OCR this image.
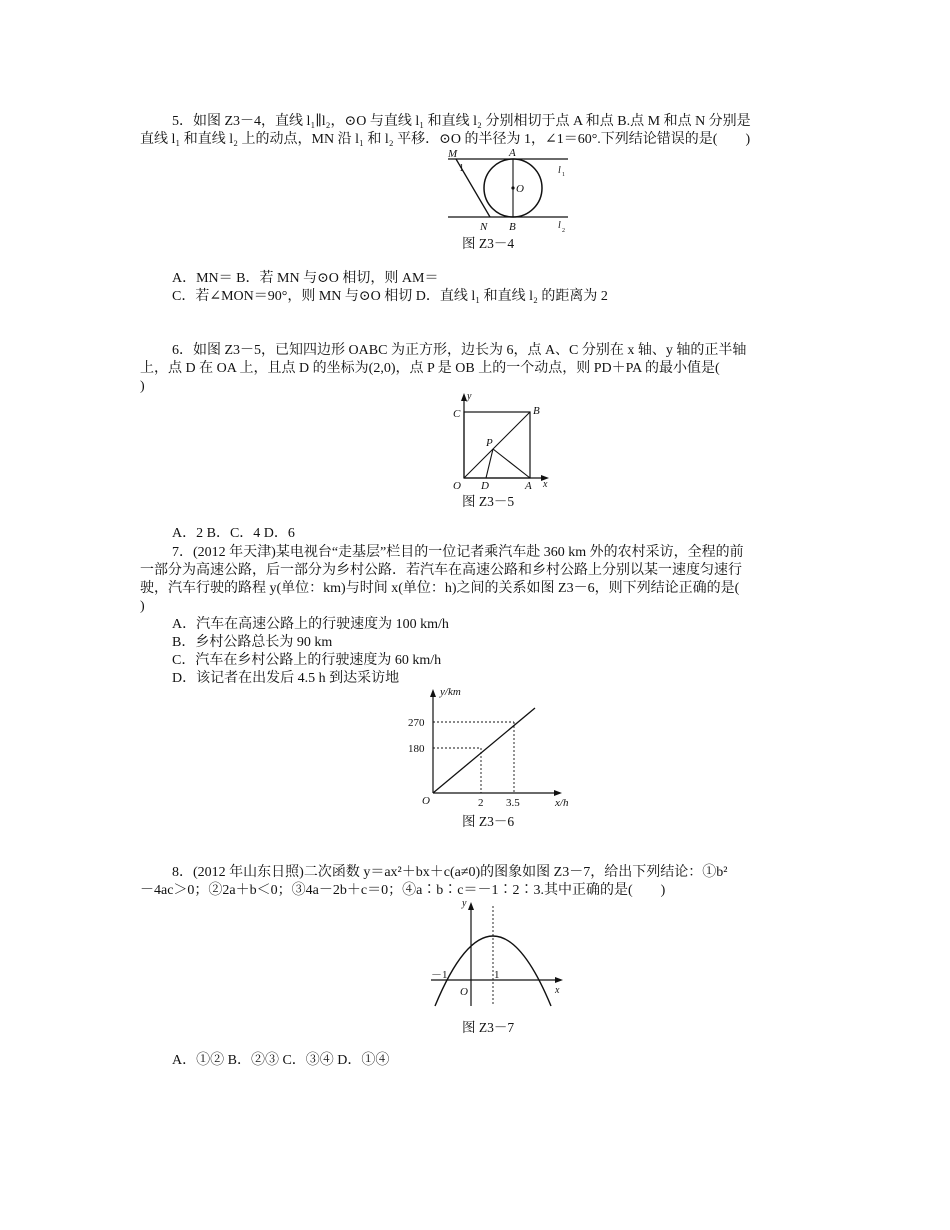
5．如图 Z3－4，直线 l₁∥l₂，⊙O 与直线 l₁ 和直线 l₂ 分别相切于点 A 和点 B.点 M 和点 N 分别是
直线 l₁ 和直线 l₂ 上的动点，MN 沿 l₁ 和 l₂ 平移．⊙O 的半径为 1，∠1＝60°.下列结论错误的是(　　)
M	A
1	l 1
O
N B	l 2
图 Z3－4
A．MN＝ B．若 MN 与⊙O 相切，则 AM＝
C．若∠MON＝90°，则 MN 与⊙O 相切 D．直线 l₁ 和直线 l₂ 的距离为 2
6．如图 Z3－5，已知四边形 OABC 为正方形，边长为 6，点 A、C 分别在 x 轴、y 轴的正半轴
上，点 D 在 OA 上，且点 D 的坐标为(2,0)，点 P 是 OB 上的一个动点，则 PD＋PA 的最小值是(
)
y
C	B
P
O D	A x
图 Z3－5
A．2 B．C．4 D．6
7．(2012 年天津)某电视台“走基层”栏目的一位记者乘汽车赴 360 km 外的农村采访，全程的前
一部分为高速公路，后一部分为乡村公路．若汽车在高速公路和乡村公路上分别以某一速度匀速行
驶，汽车行驶的路程 y(单位：km)与时间 x(单位：h)之间的关系如图 Z3－6，则下列结论正确的是(
)
A．汽车在高速公路上的行驶速度为 100 km/h
B．乡村公路总长为 90 km
C．汽车在乡村公路上的行驶速度为 60 km/h
D．该记者在出发后 4.5 h 到达采访地
y/km
270
180
O	2 3.5	x/h
图 Z3－6
8．(2012 年山东日照)二次函数 y＝ax²＋bx＋c(a≠0)的图象如图 Z3－7，给出下列结论：①b²
－4ac＞0；②2a＋b＜0；③4a－2b＋c＝0；④a∶b∶c＝－1∶2∶3.其中正确的是(　　)
y
－1	1
O	x
图 Z3－7
A．①② B．②③ C．③④ D．①④
